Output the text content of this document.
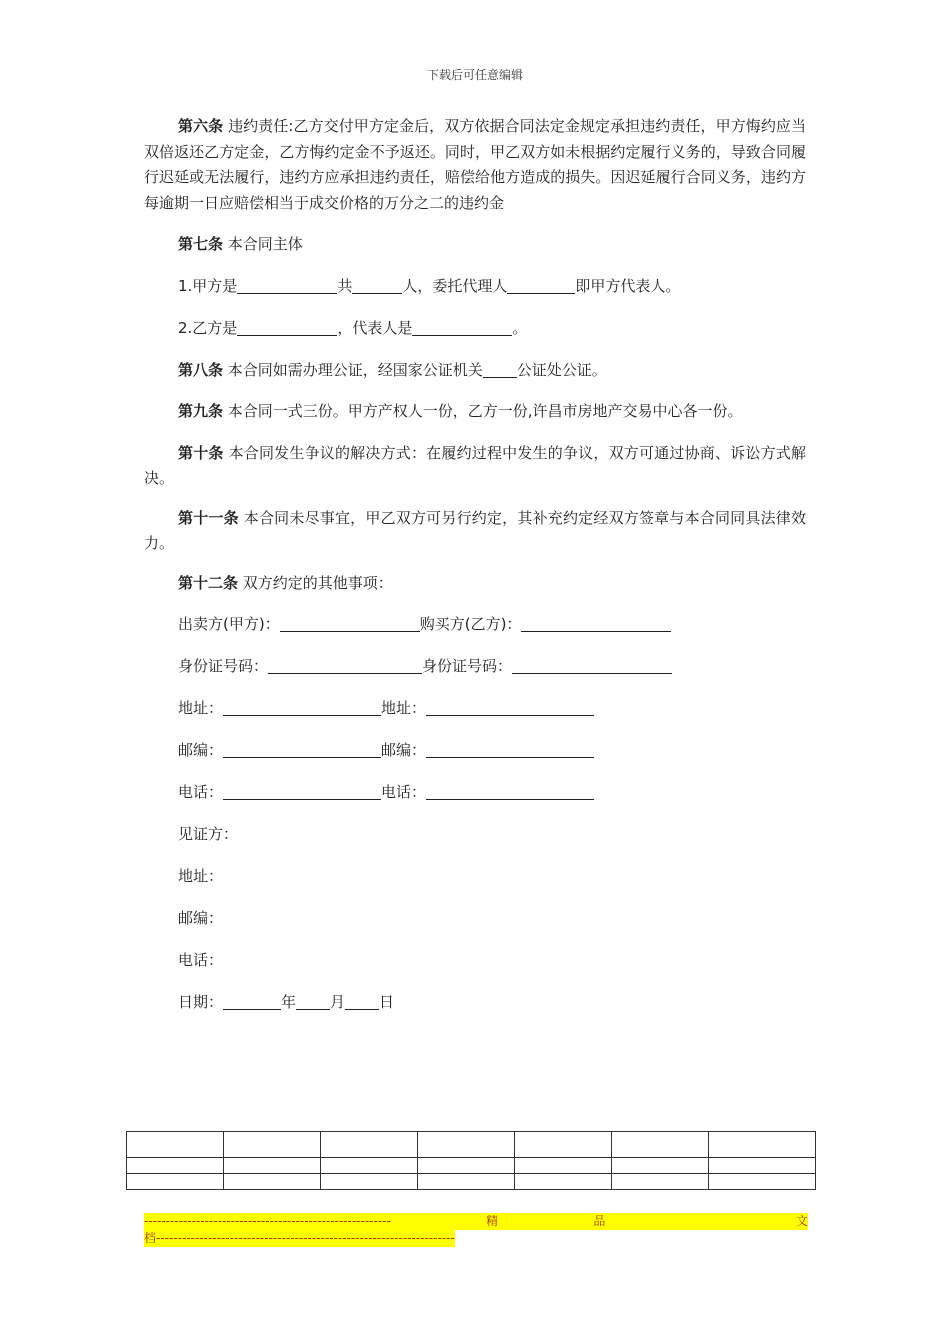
下载后可任意编辑

第六条 违约责任:乙方交付甲方定金后，双方依据合同法定金规定承担违约责任，甲方悔约应当双倍返还乙方定金，乙方悔约定金不予返还。同时，甲乙双方如未根据约定履行义务的，导致合同履行迟延或无法履行，违约方应承担违约责任，赔偿给他方造成的损失。因迟延履行合同义务，违约方每逾期一日应赔偿相当于成交价格的万分之二的违约金

第七条 本合同主体

1.甲方是	共	人，委托代理人	即甲方代表人。
2.乙方是	，代表人是	。

第八条 本合同如需办理公证，经国家公证机关 公证处公证。

第九条 本合同一式三份。甲方产权人一份，乙方一份,许昌市房地产交易中心各一份。

第十条 本合同发生争议的解决方式：在履约过程中发生的争议，双方可通过协商、诉讼方式解决。

第十一条 本合同未尽事宜，甲乙双方可另行约定，其补充约定经双方签章与本合同同具法律效力。

第十二条 双方约定的其他事项：

出卖方(甲方)：	购买方(乙方)：
身份证号码：	身份证号码：
地址：	地址：
邮编：	邮编：
电话：	电话：
见证方：
地址：
邮编：
电话：
日期：	年 月 日

---------------------------------------------------------	精	品	文
档---------------------------------------------------------------------
